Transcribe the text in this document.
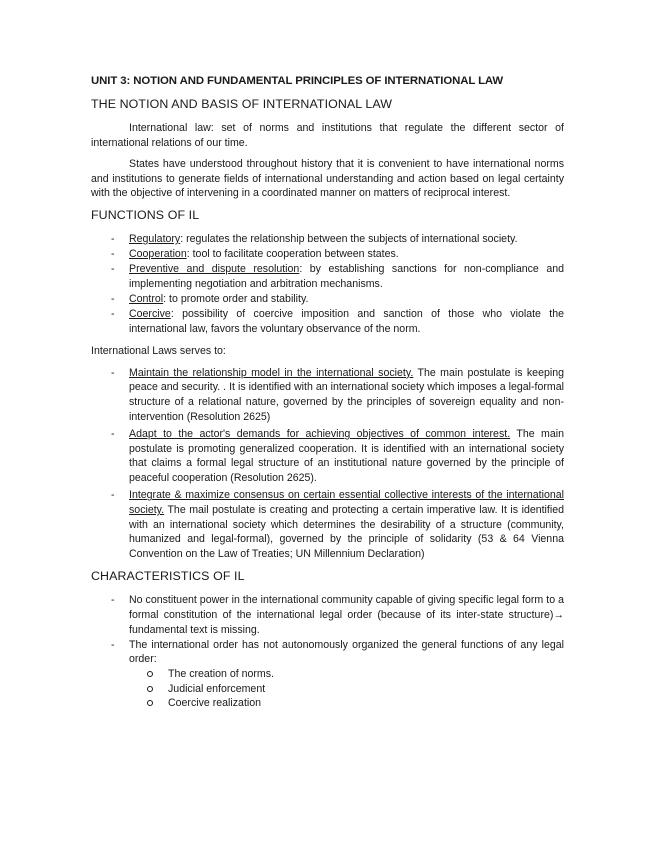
UNIT 3: NOTION AND FUNDAMENTAL PRINCIPLES OF INTERNATIONAL LAW
THE NOTION AND BASIS OF INTERNATIONAL LAW

International law: set of norms and institutions that regulate the different sector of international relations of our time.

States have understood throughout history that it is convenient to have international norms and institutions to generate fields of international understanding and action based on legal certainty with the objective of intervening in a coordinated manner on matters of reciprocal interest.

FUNCTIONS OF IL
- Regulatory: regulates the relationship between the subjects of international society.
- Cooperation: tool to facilitate cooperation between states.
- Preventive and dispute resolution: by establishing sanctions for non-compliance and implementing negotiation and arbitration mechanisms.
- Control: to promote order and stability.
- Coercive: possibility of coercive imposition and sanction of those who violate the international law, favors the voluntary observance of the norm.

International Laws serves to:

- Maintain the relationship model in the international society. The main postulate is keeping peace and security. . It is identified with an international society which imposes a legal-formal structure of a relational nature, governed by the principles of sovereign equality and non-intervention (Resolution 2625)
- Adapt to the actor's demands for achieving objectives of common interest. The main postulate is promoting generalized cooperation. It is identified with an international society that claims a formal legal structure of an institutional nature governed by the principle of peaceful cooperation (Resolution 2625).
- Integrate & maximize consensus on certain essential collective interests of the international society. The mail postulate is creating and protecting a certain imperative law. It is identified with an international society which determines the desirability of a structure (community, humanized and legal-formal), governed by the principle of solidarity (53 & 64 Vienna Convention on the Law of Treaties; UN Millennium Declaration)
CHARACTERISTICS OF IL
- No constituent power in the international community capable of giving specific legal form to a formal constitution of the international legal order (because of its inter-state structure)→ fundamental text is missing.
- The international order has not autonomously organized the general functions of any legal order:
The creation of norms.
Judicial enforcement
Coercive realization
